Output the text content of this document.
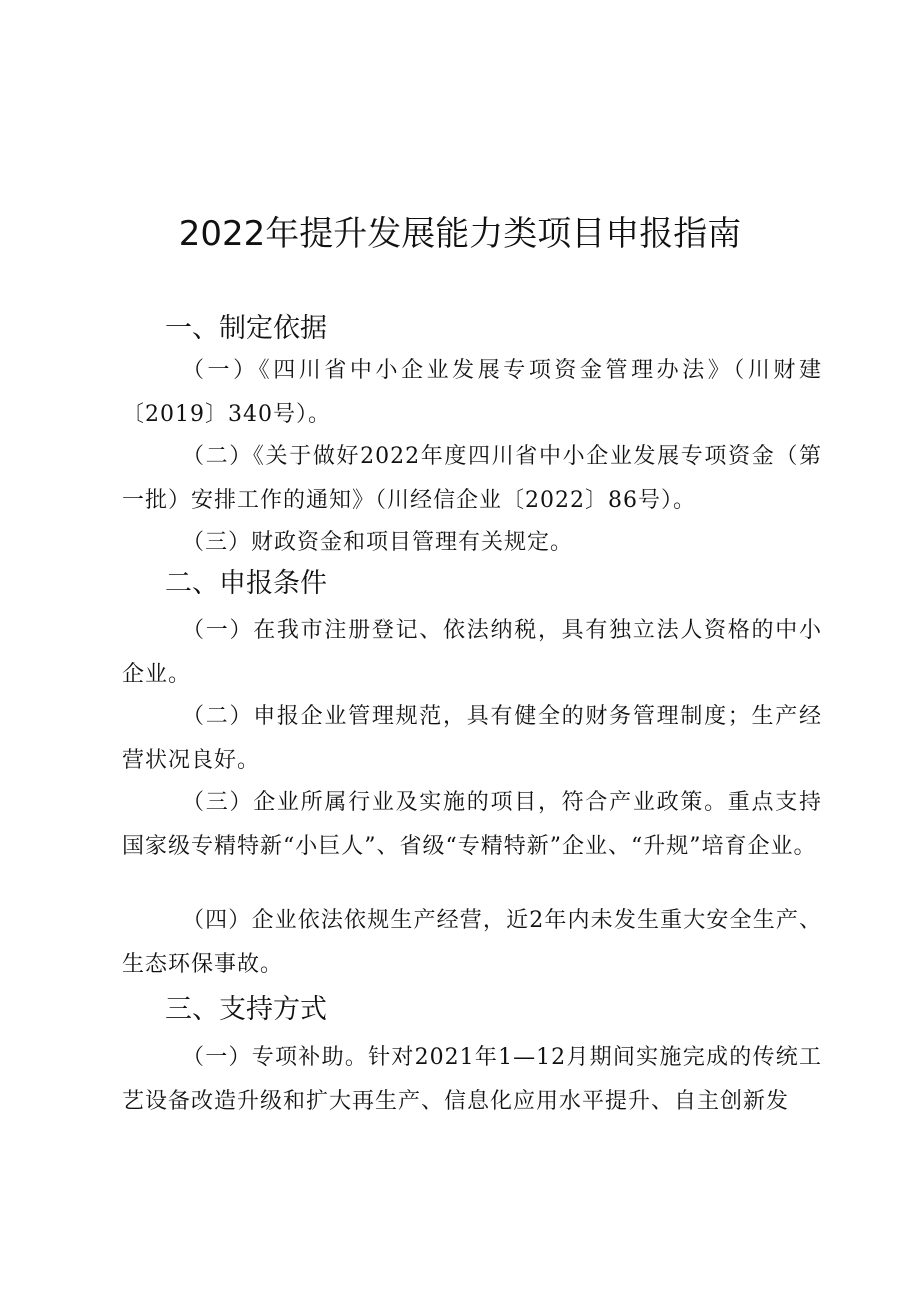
2022年提升发展能力类项目申报指南
一、制定依据

（一）《四川省中小企业发展专项资金管理办法》（川财建〔2019〕340号）。

（二）《关于做好2022年度四川省中小企业发展专项资金（第一批）安排工作的通知》（川经信企业〔2022〕86号）。

（三）财政资金和项目管理有关规定。

二、申报条件

（一）在我市注册登记、依法纳税，具有独立法人资格的中小企业。

（二）申报企业管理规范，具有健全的财务管理制度；生产经营状况良好。

（三）企业所属行业及实施的项目，符合产业政策。重点支持国家级专精特新“小巨人”、省级“专精特新”企业、“升规”培育企业。

（四）企业依法依规生产经营，近2年内未发生重大安全生产、生态环保事故。

三、支持方式

（一）专项补助。针对2021年1—12月期间实施完成的传统工艺设备改造升级和扩大再生产、信息化应用水平提升、自主创新发
